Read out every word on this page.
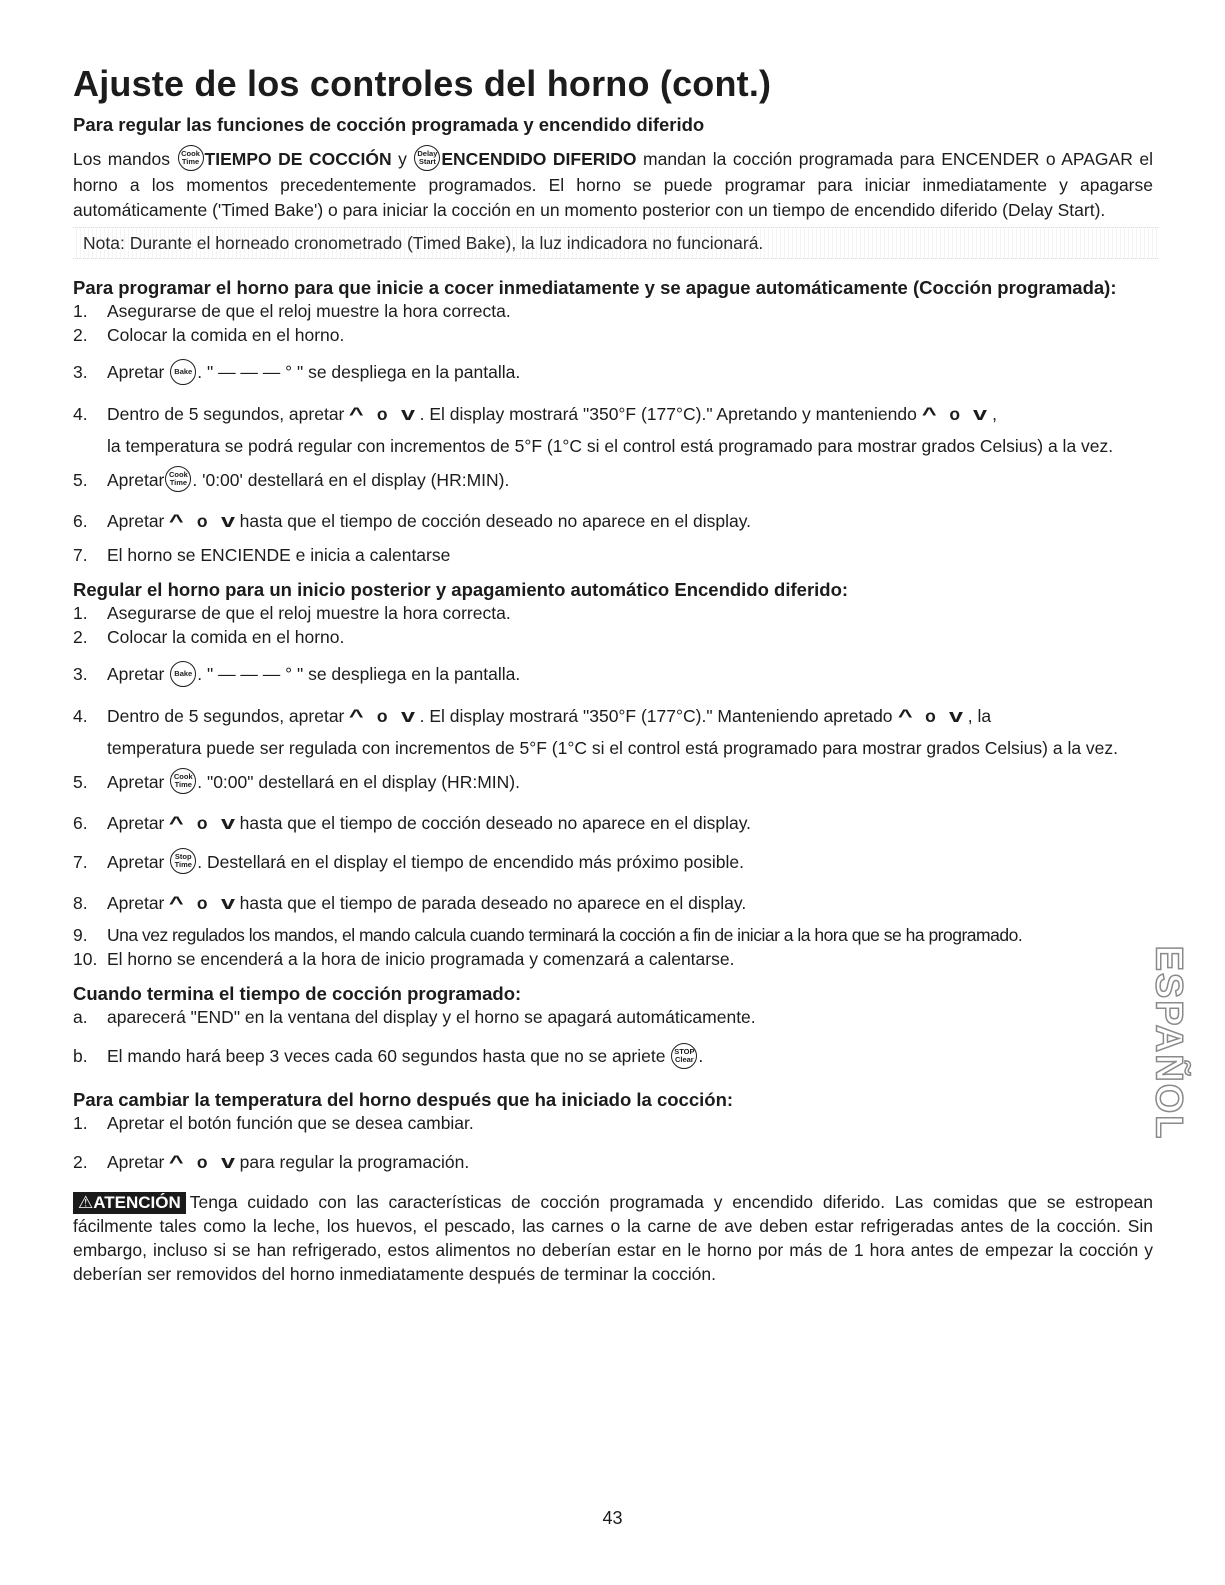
Ajuste de los controles del horno (cont.)
Para regular las funciones de cocción programada y encendido diferido

Los mandos Cook Time TIEMPO DE COCCIÓN y Delay Start ENCENDIDO DIFERIDO mandan la cocción programada para ENCENDER o APAGAR el horno a los momentos precedentemente programados. El horno se puede programar para iniciar inmediatamente y apagarse automáticamente ('Timed Bake') o para iniciar la cocción en un momento posterior con un tiempo de encendido diferido (Delay Start).

Nota: Durante el horneado cronometrado (Timed Bake), la luz indicadora no funcionará.

Para programar el horno para que inicie a cocer inmediatamente y se apague automáticamente (Cocción programada):
1. Asegurarse de que el reloj muestre la hora correcta.
2. Colocar la comida en el horno.
3. Apretar Bake . " — — — ° " se despliega en la pantalla.
4. Dentro de 5 segundos, apretar ^ o v . El display mostrará "350°F (177°C)." Apretando y manteniendo ^ o v ,
la temperatura se podrá regular con incrementos de 5°F (1°C si el control está programado para mostrar grados Celsius) a la vez.
5. Apretar Cook Time . '0:00' destellará en el display (HR:MIN).
6. Apretar ^ o v hasta que el tiempo de cocción deseado no aparece en el display.
7. El horno se ENCIENDE e inicia a calentarse
Regular el horno para un inicio posterior y apagamiento automático Encendido diferido:
1. Asegurarse de que el reloj muestre la hora correcta.
2. Colocar la comida en el horno.
3. Apretar Bake . " — — — ° " se despliega en la pantalla.
4. Dentro de 5 segundos, apretar ^ o v . El display mostrará "350°F (177°C)." Manteniendo apretado ^ o v , la
temperatura puede ser regulada con incrementos de 5°F (1°C si el control está programado para mostrar grados Celsius) a la vez.
5. Apretar Cook Time . "0:00" destellará en el display (HR:MIN).
6. Apretar ^ o v hasta que el tiempo de cocción deseado no aparece en el display.
7. Apretar Stop Time . Destellará en el display el tiempo de encendido más próximo posible.
8. Apretar ^ o v hasta que el tiempo de parada deseado no aparece en el display.
9. Una vez regulados los mandos, el mando calcula cuando terminará la cocción a fin de iniciar a la hora que se ha programado.
10. El horno se encenderá a la hora de inicio programada y comenzará a calentarse.
Cuando termina el tiempo de cocción programado:
a. aparecerá "END" en la ventana del display y el horno se apagará automáticamente.
b. El mando hará beep 3 veces cada 60 segundos hasta que no se apriete STOP Clear .
Para cambiar la temperatura del horno después que ha iniciado la cocción:
1. Apretar el botón función que se desea cambiar.
2. Apretar ^ o v para regular la programación.

⚠ATENCIÓN Tenga cuidado con las características de cocción programada y encendido diferido. Las comidas que se estropean fácilmente tales como la leche, los huevos, el pescado, las carnes o la carne de ave deben estar refrigeradas antes de la cocción. Sin embargo, incluso si se han refrigerado, estos alimentos no deberían estar en le horno por más de 1 hora antes de empezar la cocción y deberían ser removidos del horno inmediatamente después de terminar la cocción.

ESPAÑOL
43
